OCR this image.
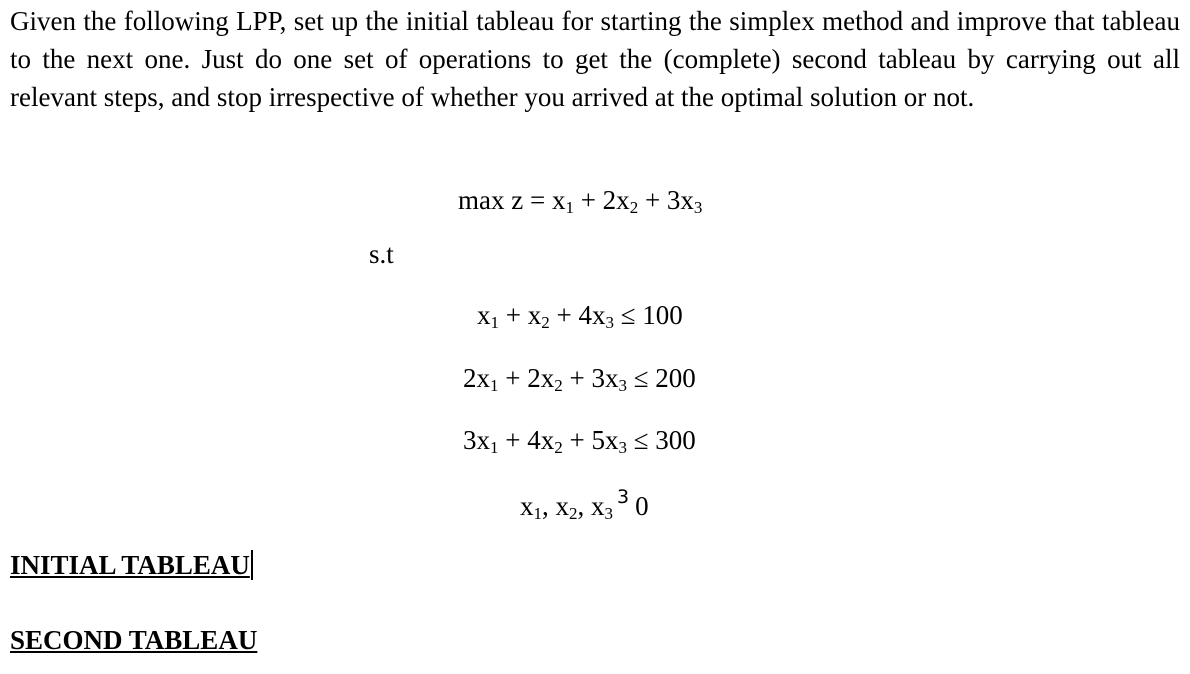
Given the following LPP, set up the initial tableau for starting the simplex method and improve that tableau to the next one. Just do one set of operations to get the (complete) second tableau by carrying out all relevant steps, and stop irrespective of whether you arrived at the optimal solution or not.

$\max z = x_1 + 2x_2 + 3x_3$
s.t
$x_1 + x_2 + 4x_3 \le 100$
$2x_1 + 2x_2 + 3x_3 \le 200$
$3x_1 + 4x_2 + 5x_3 \le 300$
$x_1$, $x_2$, $x_3^3$ 0
INITIAL TABLEAU
SECOND TABLEAU
